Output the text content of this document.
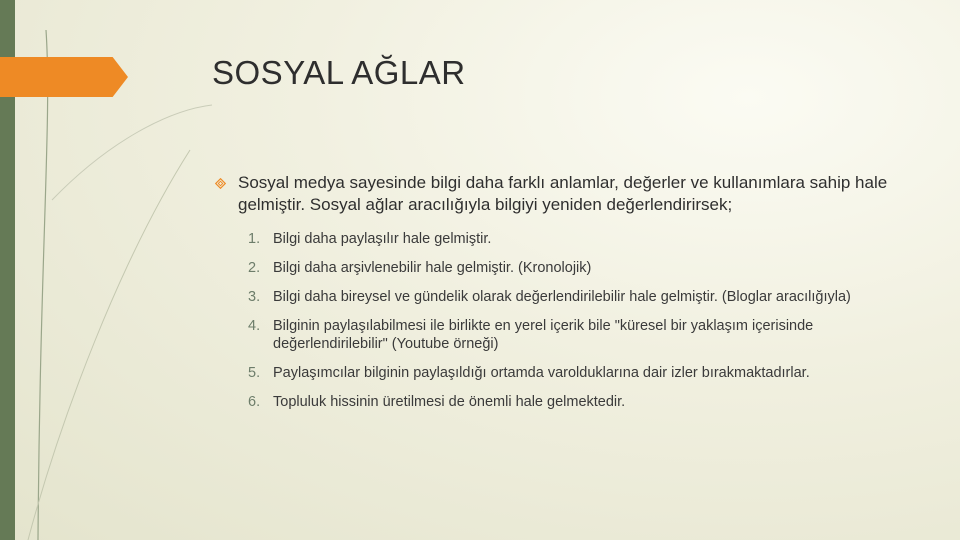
SOSYAL AĞLAR
Sosyal medya sayesinde bilgi daha farklı anlamlar, değerler ve kullanımlara sahip hale gelmiştir. Sosyal ağlar aracılığıyla bilgiyi yeniden değerlendirirsek;
1. Bilgi daha paylaşılır hale gelmiştir.
2. Bilgi daha arşivlenebilir hale gelmiştir. (Kronolojik)
3. Bilgi daha bireysel ve gündelik olarak değerlendirilebilir hale gelmiştir. (Bloglar aracılığıyla)
4. Bilginin paylaşılabilmesi ile birlikte en yerel içerik bile "küresel bir yaklaşım içerisinde değerlendirilebilir" (Youtube örneği)
5. Paylaşımcılar bilginin paylaşıldığı ortamda varolduklarına dair izler bırakmaktadırlar.
6. Topluluk hissinin üretilmesi de önemli hale gelmektedir.
